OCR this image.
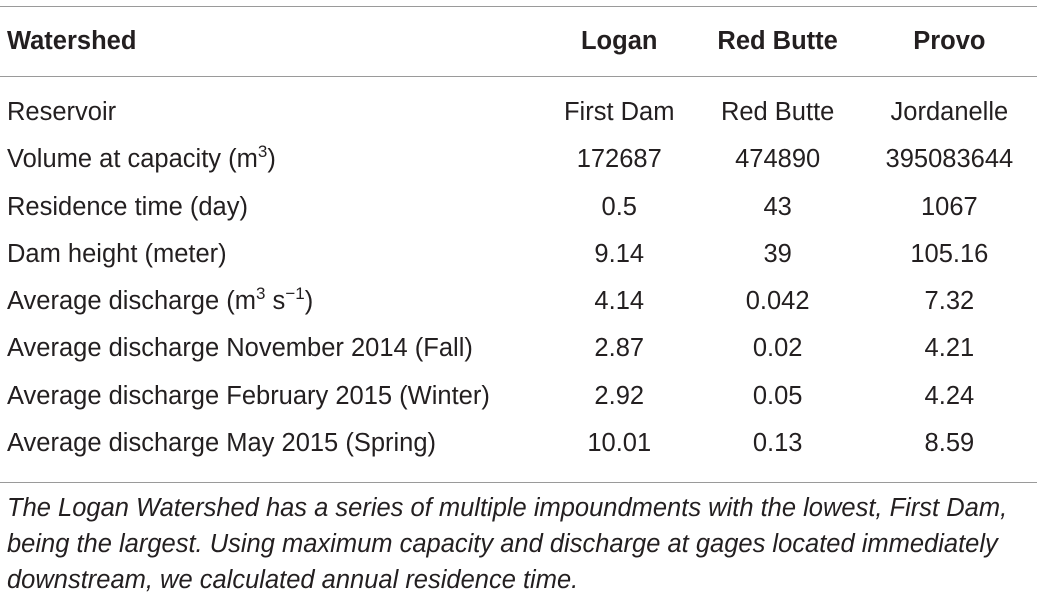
Watershed	Logan	Red Butte	Provo
Reservoir	First Dam	Red Butte	Jordanelle
Volume at capacity $(m^3)$	172687	474890	395083644
Residence time (day)	0.5	43	1067
Dam height (meter)	9.14	39	105.16
Average discharge ($m^3$ $s^{-1}$)	4.14	0.042	7.32
Average discharge November 2014 (Fall)	2.87	0.02	4.21
Average discharge February 2015 (Winter)	2.92	0.05	4.24
Average discharge May 2015 (Spring)	10.01	0.13	8.59
The Logan Watershed has a series of multiple impoundments with the lowest, First Dam, being the largest. Using maximum capacity and discharge at gages located immediately downstream, we calculated annual residence time.
